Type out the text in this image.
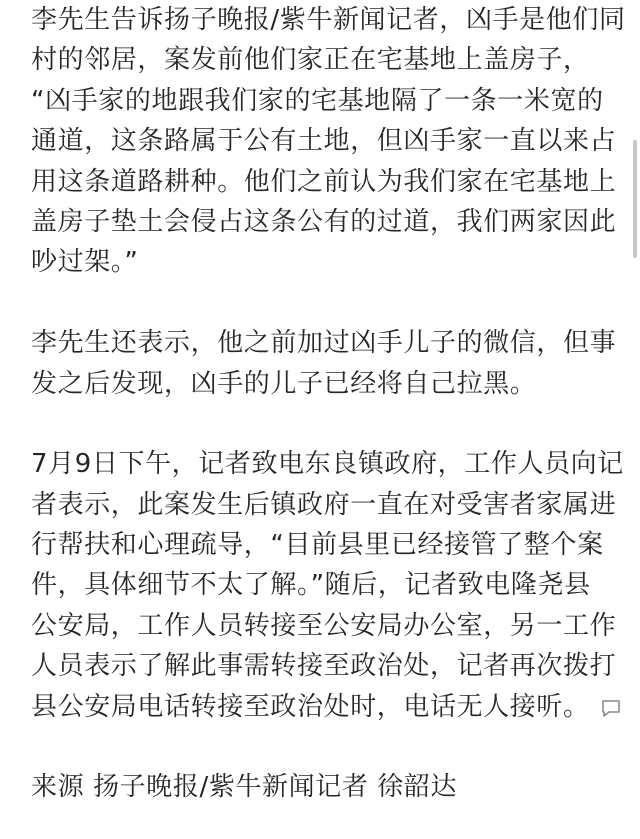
李先生告诉扬子晚报/紫牛新闻记者，凶手是他们同
村的邻居，案发前他们家正在宅基地上盖房子，
“凶手家的地跟我们家的宅基地隔了一条一米宽的
通道，这条路属于公有土地，但凶手家一直以来占
用这条道路耕种。他们之前认为我们家在宅基地上
盖房子垫土会侵占这条公有的过道，我们两家因此
吵过架。”

李先生还表示，他之前加过凶手儿子的微信，但事
发之后发现，凶手的儿子已经将自己拉黑。

7月9日下午，记者致电东良镇政府，工作人员向记
者表示，此案发生后镇政府一直在对受害者家属进
行帮扶和心理疏导，“目前县里已经接管了整个案
件，具体细节不太了解。”随后，记者致电隆尧县
公安局，工作人员转接至公安局办公室，另一工作
人员表示了解此事需转接至政治处，记者再次拨打
县公安局电话转接至政治处时，电话无人接听。

来源 扬子晚报/紫牛新闻记者 徐韶达
